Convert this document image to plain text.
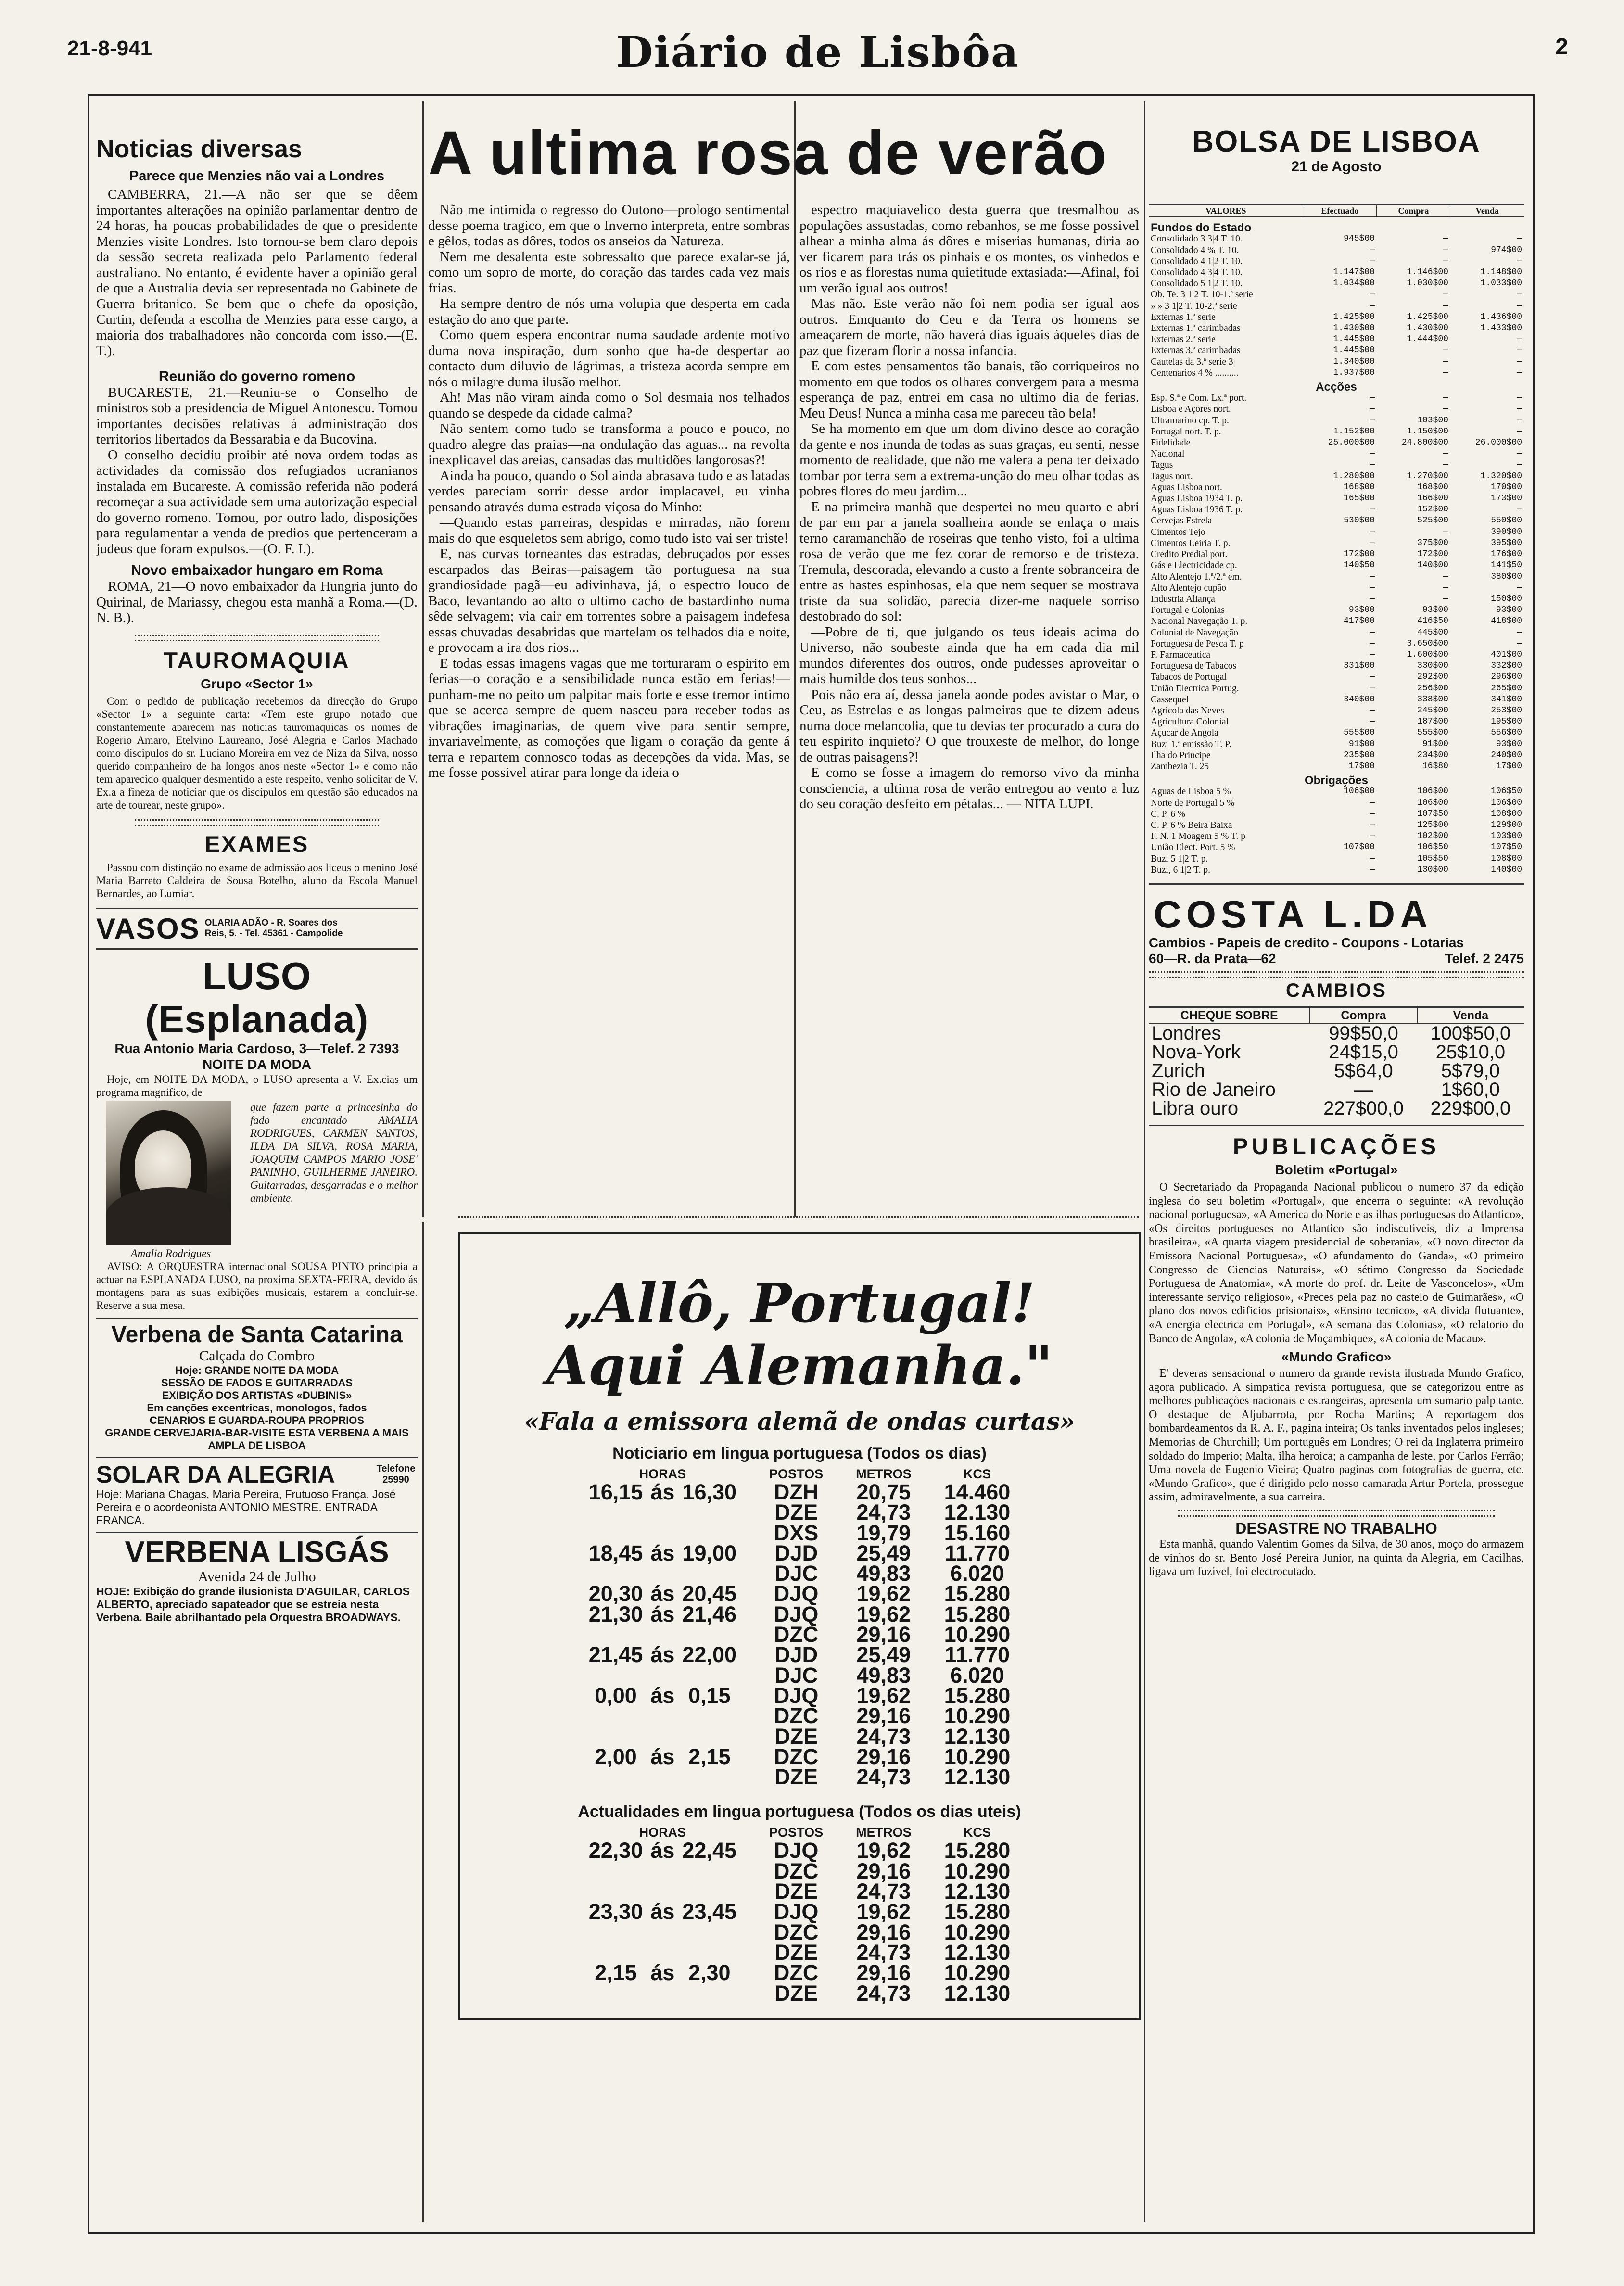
21-8-941	Diário de Lisbôa	2
Noticias diversas
Parece que Menzies não vai a Londres

CAMBERRA, 21.—A não ser que se dêem importantes alterações na opinião parlamentar dentro de 24 horas, ha poucas probabilidades de que o presidente Menzies visite Londres. Isto tornou-se bem claro depois da sessão secreta realizada pelo Parlamento federal australiano. No entanto, é evidente haver a opinião geral de que a Australia devia ser representada no Gabinete de Guerra britanico. Se bem que o chefe da oposição, Curtin, defenda a escolha de Menzies para esse cargo, a maioria dos trabalhadores não concorda com isso.—(E. T.).

Reunião do governo romeno

BUCARESTE, 21.—Reuniu-se o Conselho de ministros sob a presidencia de Miguel Antonescu. Tomou importantes decisões relativas á administração dos territorios libertados da Bessarabia e da Bucovina.

O conselho decidiu proibir até nova ordem todas as actividades da comissão dos refugiados ucranianos instalada em Bucareste. A comissão referida não poderá recomeçar a sua actividade sem uma autorização especial do governo romeno. Tomou, por outro lado, disposições para regulamentar a venda de predios que pertenceram a judeus que foram expulsos.—(O. F. I.).

Novo embaixador hungaro em Roma

ROMA, 21—O novo embaixador da Hungria junto do Quirinal, de Mariassy, chegou esta manhã a Roma.—(D. N. B.).

TAUROMAQUIA
Grupo «Sector 1»

Com o pedido de publicação recebemos da direcção do Grupo «Sector 1» a seguinte carta: «Tem este grupo notado que constantemente aparecem nas noticias tauromaquicas os nomes de Rogerio Amaro, Etelvino Laureano, José Alegria e Carlos Machado como discipulos do sr. Luciano Moreira em vez de Niza da Silva, nosso querido companheiro de ha longos anos neste «Sector 1» e como não tem aparecido qualquer desmentido a este respeito, venho solicitar de V. Ex.a a fineza de noticiar que os discipulos em questão são educados na arte de tourear, neste grupo».

EXAMES

Passou com distinção no exame de admissão aos liceus o menino José Maria Barreto Caldeira de Sousa Botelho, aluno da Escola Manuel Bernardes, ao Lumiar.

VASOS OLARIA ADÃO - R. Soares dos
Reis, 5. - Tel. 45361 - Campolide
LUSO (Esplanada)
Rua Antonio Maria Cardoso, 3—Telef. 2 7393
NOITE DA MODA

Hoje, em NOITE DA MODA, o LUSO apresenta a V. Ex.cias um programa magnifico, de

Amalia Rodrigues

que fazem parte a princesinha do fado encantado AMALIA RODRIGUES, CARMEN SANTOS, ILDA DA SILVA, ROSA MARIA, JOAQUIM CAMPOS MARIO JOSE' PANINHO, GUILHERME JANEIRO. Guitarradas, desgarradas e o melhor ambiente.

AVISO: A ORQUESTRA internacional SOUSA PINTO principia a actuar na ESPLANADA LUSO, na proxima SEXTA-FEIRA, devido ás montagens para as suas exibições musicais, estarem a concluir-se. Reserve a sua mesa.

Verbena de Santa Catarina
Calçada do Combro
Hoje: GRANDE NOITE DA MODA
SESSÃO DE FADOS E GUITARRADAS
EXIBIÇÃO DOS ARTISTAS «DUBINIS»
Em canções excentricas, monologos, fados
CENARIOS E GUARDA-ROUPA PROPRIOS
GRANDE CERVEJARIA-BAR-VISITE ESTA VERBENA A MAIS AMPLA DE LISBOA
SOLAR DA ALEGRIA	Telefone 25990
Hoje: Mariana Chagas, Maria Pereira, Frutuoso França, José Pereira e o acordeonista ANTONIO MESTRE. ENTRADA FRANCA.
VERBENA LISGÁS
Avenida 24 de Julho
HOJE: Exibição do grande ilusionista D'AGUILAR, CARLOS ALBERTO, apreciado sapateador que se estreia nesta Verbena. Baile abrilhantado pela Orquestra BROADWAYS.
A ultima rosa de verão

Não me intimida o regresso do Outono—prologo sentimental desse poema tragico, em que o Inverno interpreta, entre sombras e gêlos, todas as dôres, todos os anseios da Natureza.

Nem me desalenta este sobressalto que parece exalar-se já, como um sopro de morte, do coração das tardes cada vez mais frias.

Ha sempre dentro de nós uma volupia que desperta em cada estação do ano que parte.

Como quem espera encontrar numa saudade ardente motivo duma nova inspiração, dum sonho que ha-de despertar ao contacto dum diluvio de lágrimas, a tristeza acorda sempre em nós o milagre duma ilusão melhor.

Ah! Mas não viram ainda como o Sol desmaia nos telhados quando se despede da cidade calma?

Não sentem como tudo se transforma a pouco e pouco, no quadro alegre das praias—na ondulação das aguas... na revolta inexplicavel das areias, cansadas das multidões langorosas?!

Ainda ha pouco, quando o Sol ainda abrasava tudo e as latadas verdes pareciam sorrir desse ardor implacavel, eu vinha pensando através duma estrada viçosa do Minho:

—Quando estas parreiras, despidas e mirradas, não forem mais do que esqueletos sem abrigo, como tudo isto vai ser triste!

E, nas curvas torneantes das estradas, debruçados por esses escarpados das Beiras—paisagem tão portuguesa na sua grandiosidade pagã—eu adivinhava, já, o espectro louco de Baco, levantando ao alto o ultimo cacho de bastardinho numa sêde selvagem; via cair em torrentes sobre a paisagem indefesa essas chuvadas desabridas que martelam os telhados dia e noite, e provocam a ira dos rios...

E todas essas imagens vagas que me torturaram o espirito em ferias—o coração e a sensibilidade nunca estão em ferias!—punham-me no peito um palpitar mais forte e esse tremor intimo que se acerca sempre de quem nasceu para receber todas as vibrações imaginarias, de quem vive para sentir sempre, invariavelmente, as comoções que ligam o coração da gente á terra e repartem connosco todas as decepções da vida. Mas, se me fosse possivel atirar para longe da ideia o

espectro maquiavelico desta guerra que tresmalhou as populações assustadas, como rebanhos, se me fosse possivel alhear a minha alma ás dôres e miserias humanas, diria ao ver ficarem para trás os pinhais e os montes, os vinhedos e os rios e as florestas numa quietitude extasiada:—Afinal, foi um verão igual aos outros!

Mas não. Este verão não foi nem podia ser igual aos outros. Emquanto do Ceu e da Terra os homens se ameaçarem de morte, não haverá dias iguais áqueles dias de paz que fizeram florir a nossa infancia.

E com estes pensamentos tão banais, tão corriqueiros no momento em que todos os olhares convergem para a mesma esperança de paz, entrei em casa no ultimo dia de ferias. Meu Deus! Nunca a minha casa me pareceu tão bela!

Se ha momento em que um dom divino desce ao coração da gente e nos inunda de todas as suas graças, eu senti, nesse momento de realidade, que não me valera a pena ter deixado tombar por terra sem a extrema-unção do meu olhar todas as pobres flores do meu jardim...

E na primeira manhã que despertei no meu quarto e abri de par em par a janela soalheira aonde se enlaça o mais terno caramanchão de roseiras que tenho visto, foi a ultima rosa de verão que me fez corar de remorso e de tristeza. Tremula, descorada, elevando a custo a frente sobranceira de entre as hastes espinhosas, ela que nem sequer se mostrava triste da sua solidão, parecia dizer-me naquele sorriso destobrado do sol:

—Pobre de ti, que julgando os teus ideais acima do Universo, não soubeste ainda que ha em cada dia mil mundos diferentes dos outros, onde pudesses aproveitar o mais humilde dos teus sonhos...

Pois não era aí, dessa janela aonde podes avistar o Mar, o Ceu, as Estrelas e as longas palmeiras que te dizem adeus numa doce melancolia, que tu devias ter procurado a cura do teu espirito inquieto? O que trouxeste de melhor, do longe de outras paisagens?!

E como se fosse a imagem do remorso vivo da minha consciencia, a ultima rosa de verão entregou ao vento a luz do seu coração desfeito em pétalas... — NITA LUPI.

„Allô, Portugal!
Aqui Alemanha."
«Fala a emissora alemã de ondas curtas»
Noticiario em lingua portuguesa (Todos os dias)
HORAS			POSTOS	METROS	KCS
16,15	ás	16,30	DZH	20,75	14.460
			DZE	24,73	12.130
			DXS	19,79	15.160
18,45	ás	19,00	DJD	25,49	11.770
			DJC	49,83	6.020
20,30	ás	20,45	DJQ	19,62	15.280
21,30	ás	21,46	DJQ	19,62	15.280
			DZC	29,16	10.290
21,45	ás	22,00	DJD	25,49	11.770
			DJC	49,83	6.020
0,00	ás	0,15	DJQ	19,62	15.280
			DZC	29,16	10.290
			DZE	24,73	12.130
2,00	ás	2,15	DZC	29,16	10.290
			DZE	24,73	12.130
Actualidades em lingua portuguesa (Todos os dias uteis)
HORAS			POSTOS	METROS	KCS
22,30	ás	22,45	DJQ	19,62	15.280
			DZC	29,16	10.290
			DZE	24,73	12.130
23,30	ás	23,45	DJQ	19,62	15.280
			DZC	29,16	10.290
			DZE	24,73	12.130
2,15	ás	2,30	DZC	29,16	10.290
			DZE	24,73	12.130
BOLSA DE LISBOA
21 de Agosto
VALORES	Efectuado	Compra	Venda
Fundos do Estado			
Consolidado 3 3|4 T. 10.	945$00	—	—
Consolidado 4 % T. 10.	—	—	974$00
Consolidado 4 1|2 T. 10.	—	—	—
Consolidado 4 3|4 T. 10.	1.147$00	1.146$00	1.148$00
Consolidado 5 1|2 T. 10.	1.034$00	1.030$00	1.033$00
Ob. Te. 3 1|2 T. 10-1.ª serie	—	—	—
» » 3 1|2 T. 10-2.ª serie	—	—	—
Externas 1.ª serie	1.425$00	1.425$00	1.436$00
Externas 1.ª carimbadas	1.430$00	1.430$00	1.433$00
Externas 2.ª serie	1.445$00	1.444$00	—
Externas 3.ª carimbadas	1.445$00	—	—
Cautelas da 3.ª serie 3|	1.340$00	—	—
Centenarios 4 % ..........	1.937$00	—	—
Acções			
Esp. S.ª e Com. Lx.ª port.	—	—	—
Lisboa e Açores nort.	—	—	—
Ultramarino cp. T. p.	—	103$00	—
Portugal nort. T. p.	1.152$00	1.150$00	—
Fidelidade	25.000$00	24.800$00	26.000$00
Nacional	—	—	—
Tagus	—	—	—
Tagus nort.	1.280$00	1.270$00	1.320$00
Aguas Lisboa nort.	168$00	168$00	170$00
Aguas Lisboa 1934 T. p.	165$00	166$00	173$00
Aguas Lisboa 1936 T. p.	—	152$00	—
Cervejas Estrela	530$00	525$00	550$00
Cimentos Tejo	—	—	390$00
Cimentos Leiria T. p.	—	375$00	395$00
Credito Predial port.	172$00	172$00	176$00
Gás e Electricidade cp.	140$50	140$00	141$50
Alto Alentejo 1.ª/2.ª em.	—	—	380$00
Alto Alentejo cupão	—	—	—
Industria Aliança	—	—	150$00
Portugal e Colonias	93$00	93$00	93$00
Nacional Navegação T. p.	417$00	416$50	418$00
Colonial de Navegação	—	445$00	—
Portuguesa de Pesca T. p	—	3.650$00	—
F. Farmaceutica	—	1.600$00	401$00
Portuguesa de Tabacos	331$00	330$00	332$00
Tabacos de Portugal	—	292$00	296$00
União Electrica Portug.	—	256$00	265$00
Cassequel	340$00	338$00	341$00
Agricola das Neves	—	245$00	253$00
Agricultura Colonial	—	187$00	195$00
Açucar de Angola	555$00	555$00	556$00
Buzi 1.ª emissão T. P.	91$00	91$00	93$00
Ilha do Principe	235$00	234$00	240$00
Zambezia T. 25	17$00	16$80	17$00
Obrigações			
Aguas de Lisboa 5 %	106$00	106$00	106$50
Norte de Portugal 5 %	—	106$00	106$00
C. P. 6 %	—	107$50	108$00
C. P. 6 % Beira Baixa	—	125$00	129$00
F. N. 1 Moagem 5 % T. p	—	102$00	103$00
União Elect. Port. 5 %	107$00	106$50	107$50
Buzi 5 1|2 T. p.	—	105$50	108$00
Buzi, 6 1|2 T. p.	—	130$00	140$00
COSTA L.DA
Cambios - Papeis de credito - Coupons - Lotarias
60—R. da Prata—62	Telef. 2 2475
CAMBIOS
CHEQUE SOBRE	Compra	Venda
Londres	99$50,0	100$50,0
Nova-York	24$15,0	25$10,0
Zurich	5$64,0	5$79,0
Rio de Janeiro	—	1$60,0
Libra ouro	227$00,0	229$00,0
PUBLICAÇÕES
Boletim «Portugal»

O Secretariado da Propaganda Nacional publicou o numero 37 da edição inglesa do seu boletim «Portugal», que encerra o seguinte: «A revolução nacional portuguesa», «A America do Norte e as ilhas portuguesas do Atlantico», «Os direitos portugueses no Atlantico são indiscutiveis, diz a Imprensa brasileira», «A quarta viagem presidencial de soberania», «O novo director da Emissora Nacional Portuguesa», «O afundamento do Ganda», «O primeiro Congresso de Ciencias Naturais», «O sétimo Congresso da Sociedade Portuguesa de Anatomia», «A morte do prof. dr. Leite de Vasconcelos», «Um interessante serviço religioso», «Preces pela paz no castelo de Guimarães», «O plano dos novos edificios prisionais», «Ensino tecnico», «A divida flutuante», «A energia electrica em Portugal», «A semana das Colonias», «O relatorio do Banco de Angola», «A colonia de Moçambique», «A colonia de Macau».

«Mundo Grafico»

E' deveras sensacional o numero da grande revista ilustrada Mundo Grafico, agora publicado. A simpatica revista portuguesa, que se categorizou entre as melhores publicações nacionais e estrangeiras, apresenta um sumario palpitante. O destaque de Aljubarrota, por Rocha Martins; A reportagem dos bombardeamentos da R. A. F., pagina inteira; Os tanks inventados pelos ingleses; Memorias de Churchill; Um português em Londres; O rei da Inglaterra primeiro soldado do Imperio; Malta, ilha heroica; a campanha de leste, por Carlos Ferrão; Uma novela de Eugenio Vieira; Quatro paginas com fotografias de guerra, etc. «Mundo Grafico», que é dirigido pelo nosso camarada Artur Portela, prossegue assim, admiravelmente, a sua carreira.

DESASTRE NO TRABALHO

Esta manhã, quando Valentim Gomes da Silva, de 30 anos, moço do armazem de vinhos do sr. Bento José Pereira Junior, na quinta da Alegria, em Cacilhas, ligava um fuzivel, foi electrocutado.
